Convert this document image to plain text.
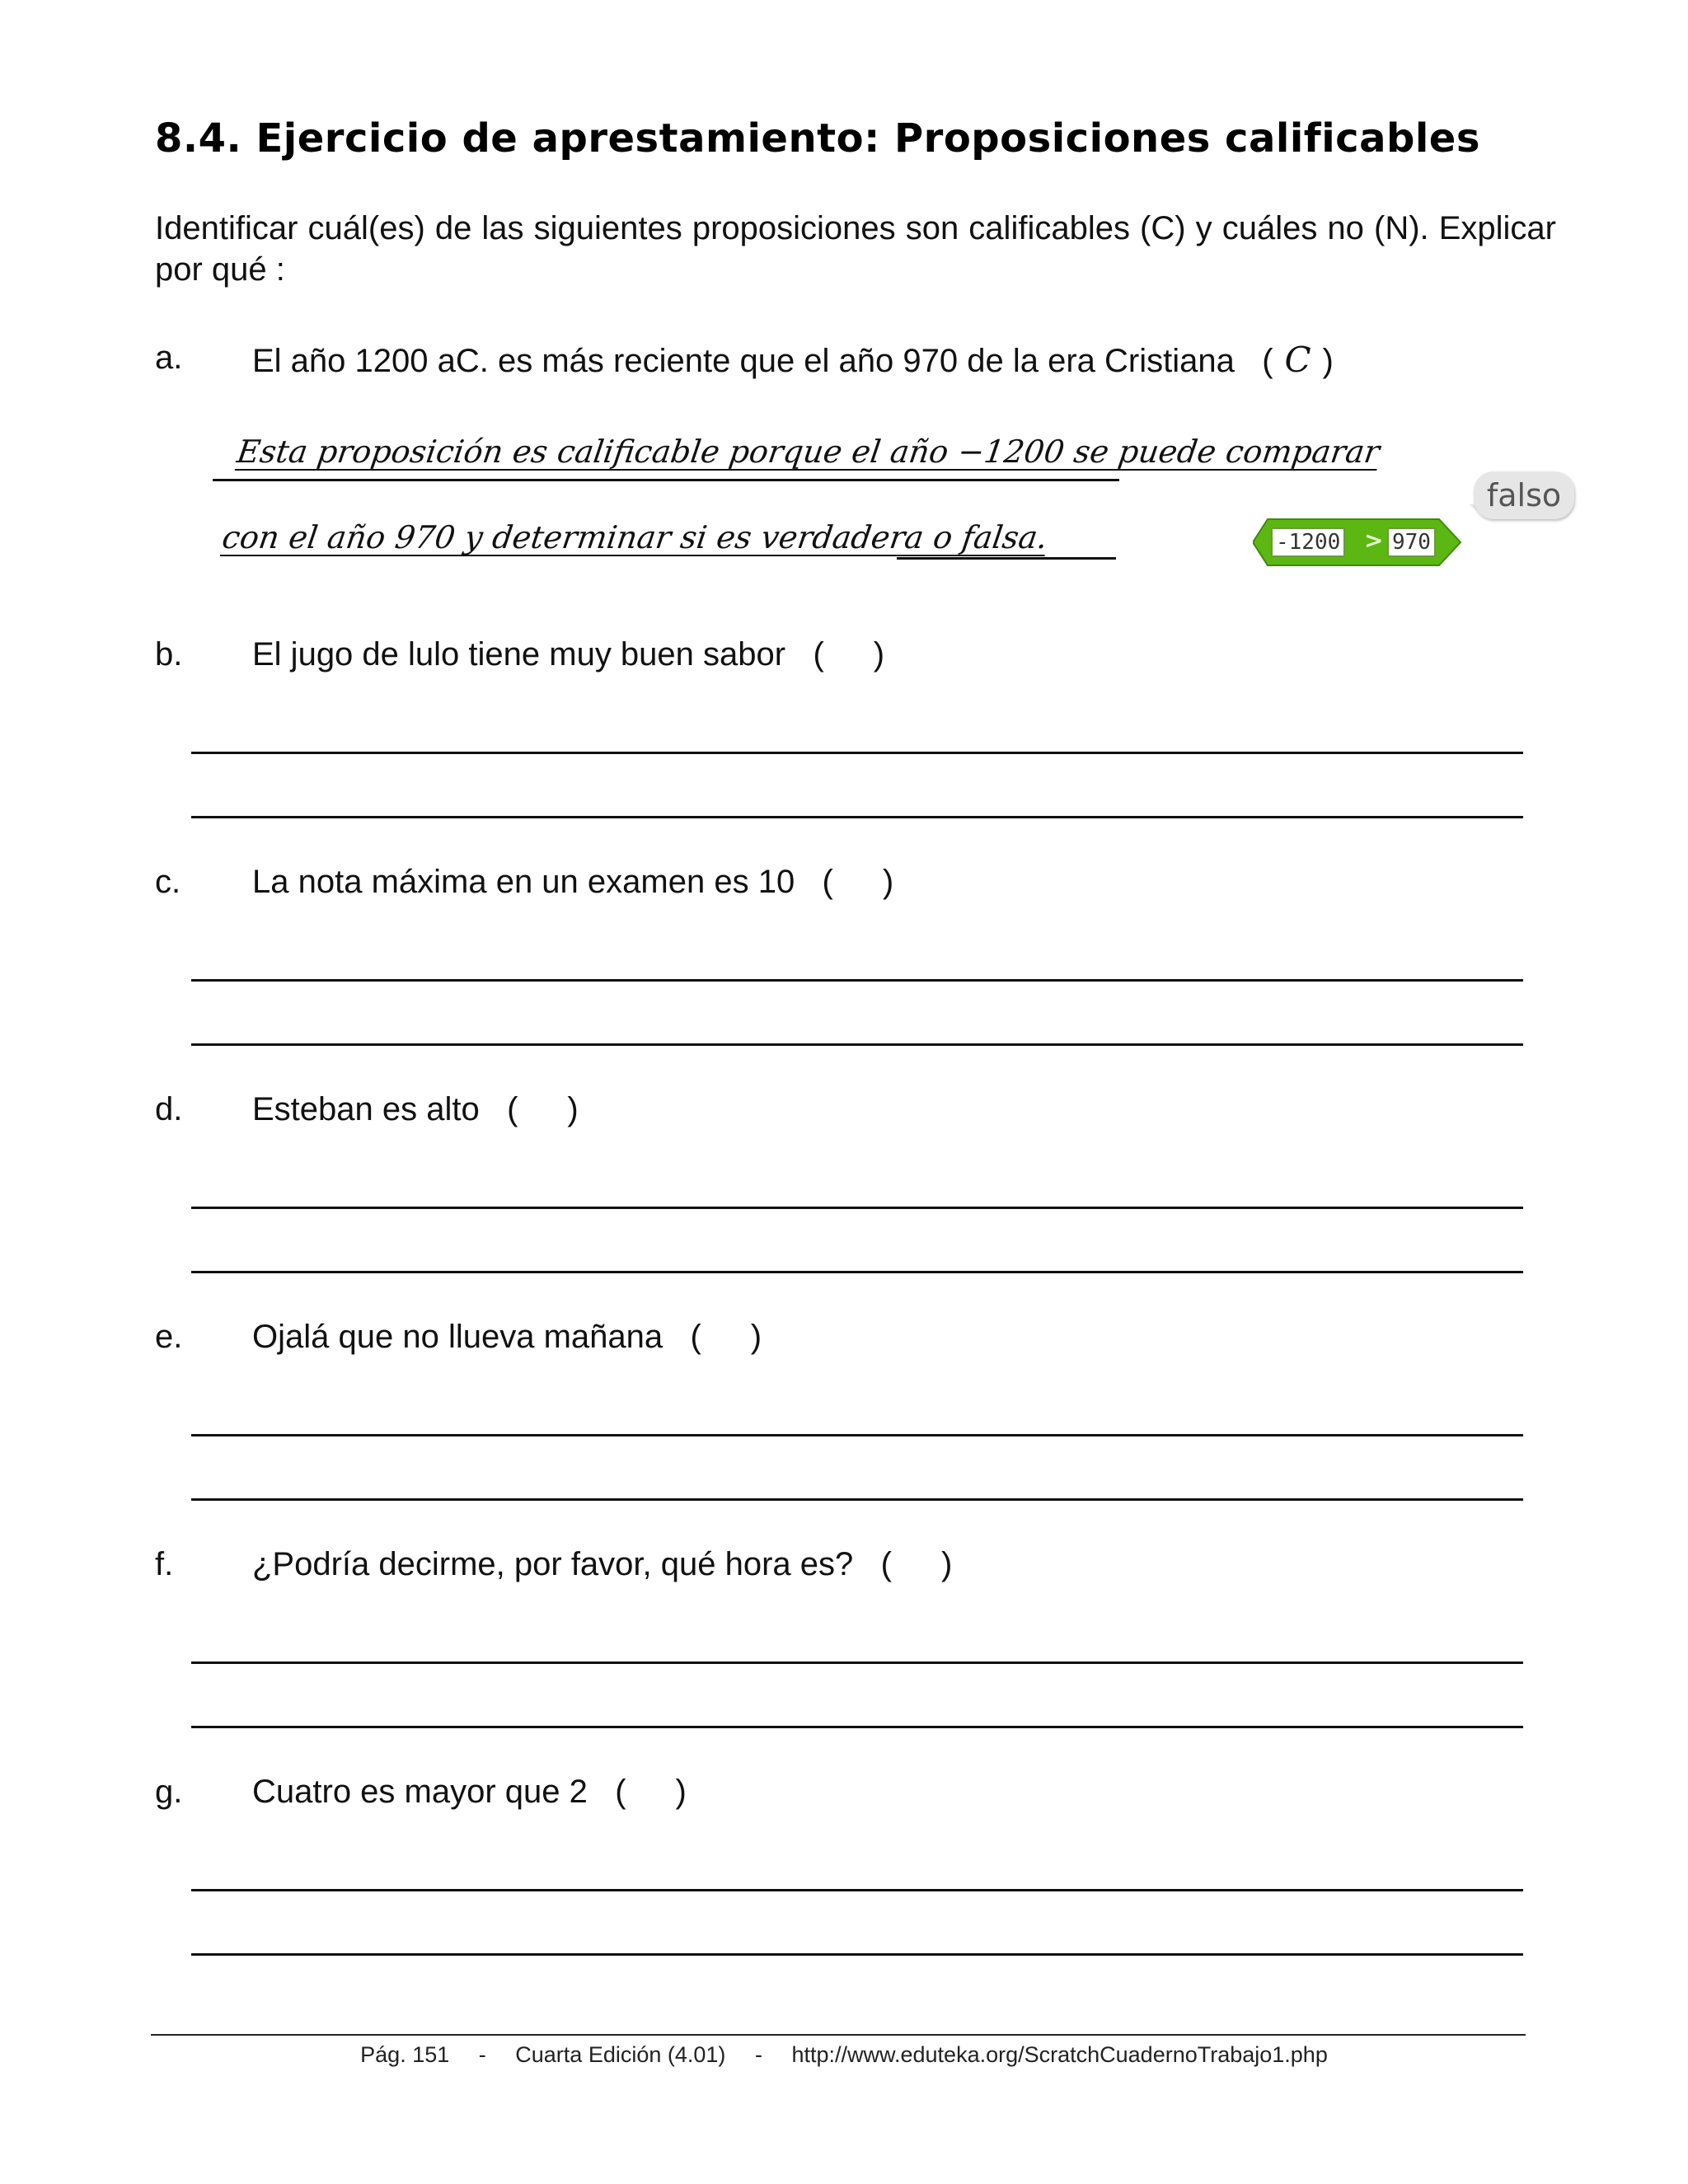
8.4. Ejercicio de aprestamiento: Proposiciones calificables
Identificar cuál(es) de las siguientes proposiciones son calificables (C) y cuáles no (N). Explicar por qué :
a. El año 1200 aC. es más reciente que el año 970 de la era Cristiana   ( C )
Esta proposición es calificable porque el año −1200 se puede comparar
con el año 970 y determinar si es verdadera o falsa.	-1200 > 970
falso
b. El jugo de lulo tiene muy buen sabor   ( )
c. La nota máxima en un examen es 10   ( )
d. Esteban es alto   ( )
e. Ojalá que no llueva mañana   ( )
f. ¿Podría decirme, por favor, qué hora es?   ( )
g. Cuatro es mayor que 2   ( )
Pág. 151 - Cuarta Edición (4.01) - http://www.eduteka.org/ScratchCuadernoTrabajo1.php
